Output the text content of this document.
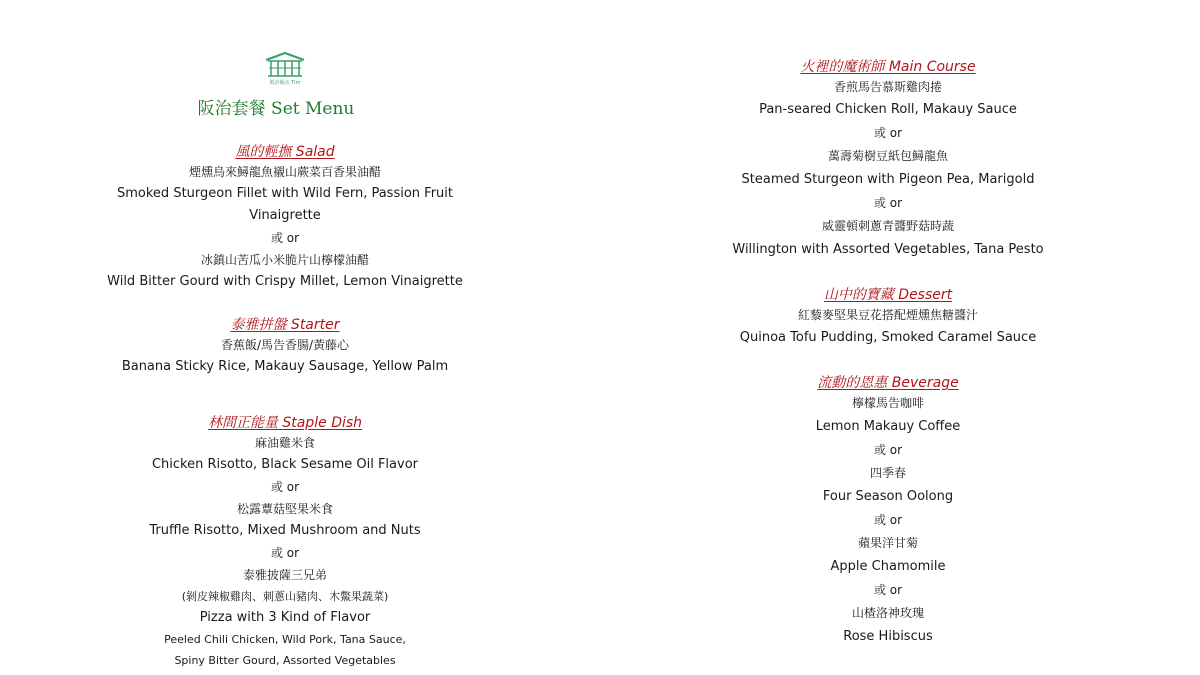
阪治飯店 Tim
阪治套餐 Set Menu
風的輕撫 Salad
煙燻烏來鱘龍魚襯山蕨菜百香果油醋
Smoked Sturgeon Fillet with Wild Fern, Passion Fruit Vinaigrette
或 or
冰鎮山苦瓜小米脆片山檸檬油醋
Wild Bitter Gourd with Crispy Millet, Lemon Vinaigrette
泰雅拼盤 Starter
香蕉飯/馬告香腸/黃藤心
Banana Sticky Rice, Makauy Sausage, Yellow Palm
林間正能量 Staple Dish
麻油雞米食
Chicken Risotto, Black Sesame Oil Flavor
或 or
松露蕈菇堅果米食
Truffle Risotto, Mixed Mushroom and Nuts
或 or
泰雅披薩三兄弟
(剝皮辣椒雞肉、刺蔥山豬肉、木鱉果蔬菜)
Pizza with 3 Kind of Flavor
Peeled Chili Chicken, Wild Pork, Tana Sauce,
Spiny Bitter Gourd, Assorted Vegetables
火裡的魔術師 Main Course
香煎馬告慕斯雞肉捲
Pan-seared Chicken Roll, Makauy Sauce
或 or
萬壽菊樹豆紙包鱘龍魚
Steamed Sturgeon with Pigeon Pea, Marigold
或 or
威靈頓刺蔥青醬野菇時蔬
Willington with Assorted Vegetables, Tana Pesto
山中的寶藏 Dessert
紅藜麥堅果豆花搭配煙燻焦糖醬汁
Quinoa Tofu Pudding, Smoked Caramel Sauce
流動的恩惠 Beverage
檸檬馬告咖啡
Lemon Makauy Coffee
或 or
四季春
Four Season Oolong
或 or
蘋果洋甘菊
Apple Chamomile
或 or
山楂洛神玫瑰
Rose Hibiscus
